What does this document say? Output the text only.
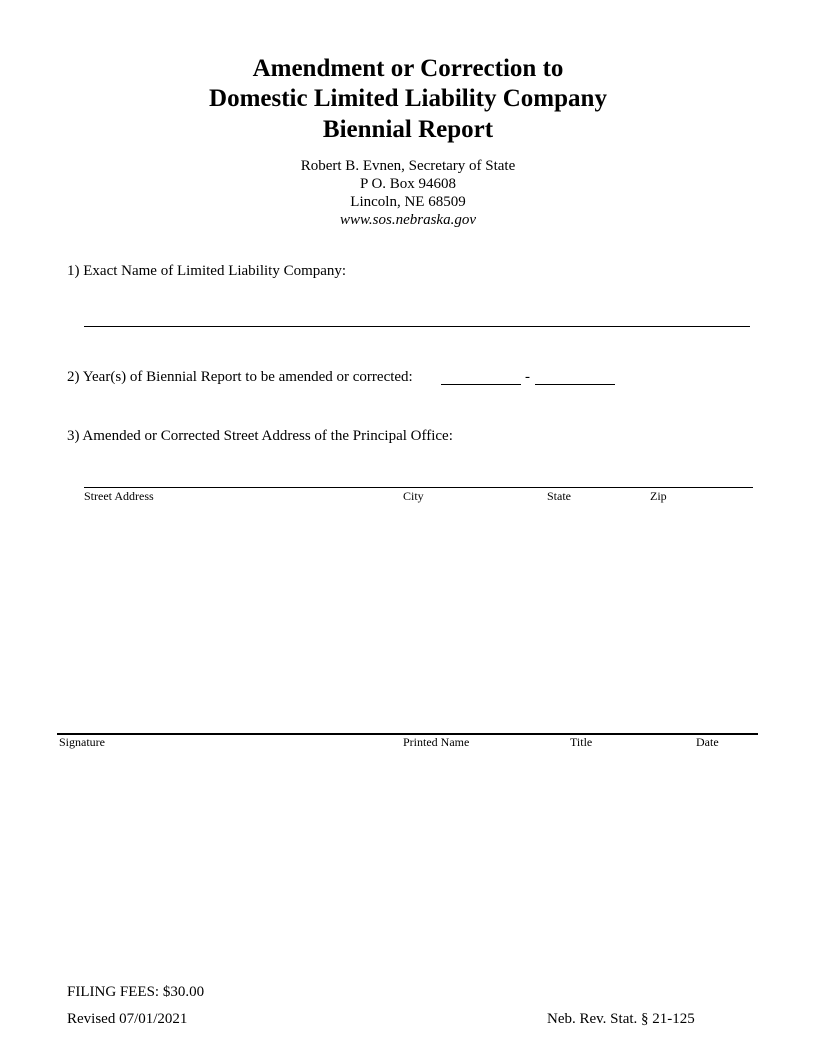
Amendment or Correction to
Domestic Limited Liability Company
Biennial Report
Robert B. Evnen, Secretary of State
P O. Box 94608
Lincoln, NE 68509
www.sos.nebraska.gov
1) Exact Name of Limited Liability Company:
2) Year(s) of Biennial Report to be amended or corrected:	-
3) Amended or Corrected Street Address of the Principal Office:
Street Address	City	State	Zip
Signature	Printed Name	Title	Date
FILING FEES: $30.00
Revised 07/01/2021	Neb. Rev. Stat. § 21-125
